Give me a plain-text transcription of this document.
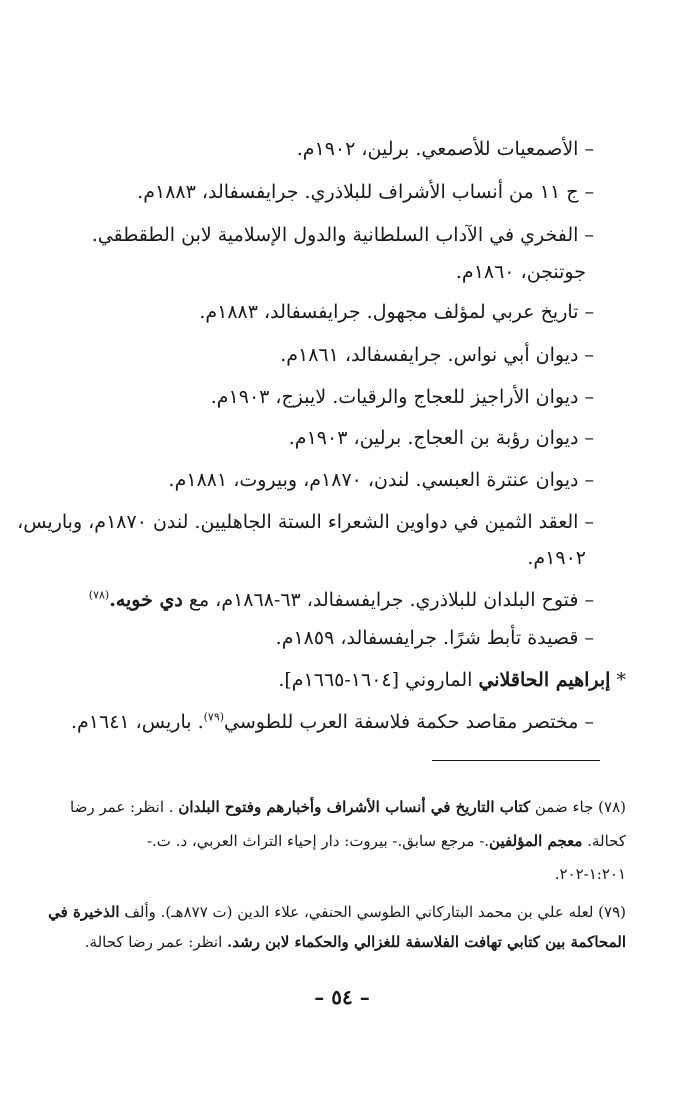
– الأصمعيات للأصمعي. برلين، ١٩٠٢م.
– ج ١١ من أنساب الأشراف للبلاذري. جرايفسفالد، ١٨٨٣م.
– الفخري في الآداب السلطانية والدول الإسلامية لابن الطقطقي.
جوتنجن، ١٨٦٠م.
– تاريخ عربي لمؤلف مجهول. جرايفسفالد، ١٨٨٣م.
– ديوان أبي نواس. جرايفسفالد، ١٨٦١م.
– ديوان الأراجيز للعجاج والرقيات. لايبزج، ١٩٠٣م.
– ديوان رؤبة بن العجاج. برلين، ١٩٠٣م.
– ديوان عنترة العبسي. لندن، ١٨٧٠م، وبيروت، ١٨٨١م.
– العقد الثمين في دواوين الشعراء الستة الجاهليين. لندن ١٨٧٠م، وباريس،
١٩٠٢م.
– فتوح البلدان للبلاذري. جرايفسفالد، ٦٣-١٨٦٨م، مع دي خويه.$^{(٧٨)}$
– قصيدة تأبط شرًا. جرايفسفالد، ١٨٥٩م.
* إبراهيم الحاقلاني الماروني [١٦٠٤-١٦٦٥م].
– مختصر مقاصد حكمة فلاسفة العرب للطوسي$^{(٧٩)}$. باريس، ١٦٤١م.
(٧٨) جاء ضمن كتاب التاريخ في أنساب الأشراف وأخبارهم وفتوح البلدان . انظر: عمر رضا
كحالة. معجم المؤلفين.- مرجع سابق.- بيروت: دار إحياء التراث العربي، د. ت.-
١:٢٠١-٢٠٢.
(٧٩) لعله علي بن محمد البتاركاني الطوسي الحنفي، علاء الدين (ت ٨٧٧هـ). وألف الذخيرة في
المحاكمة بين كتابي تهافت الفلاسفة للغزالي والحكماء لابن رشد. انظر: عمر رضا كحالة.
– ٥٤ –
